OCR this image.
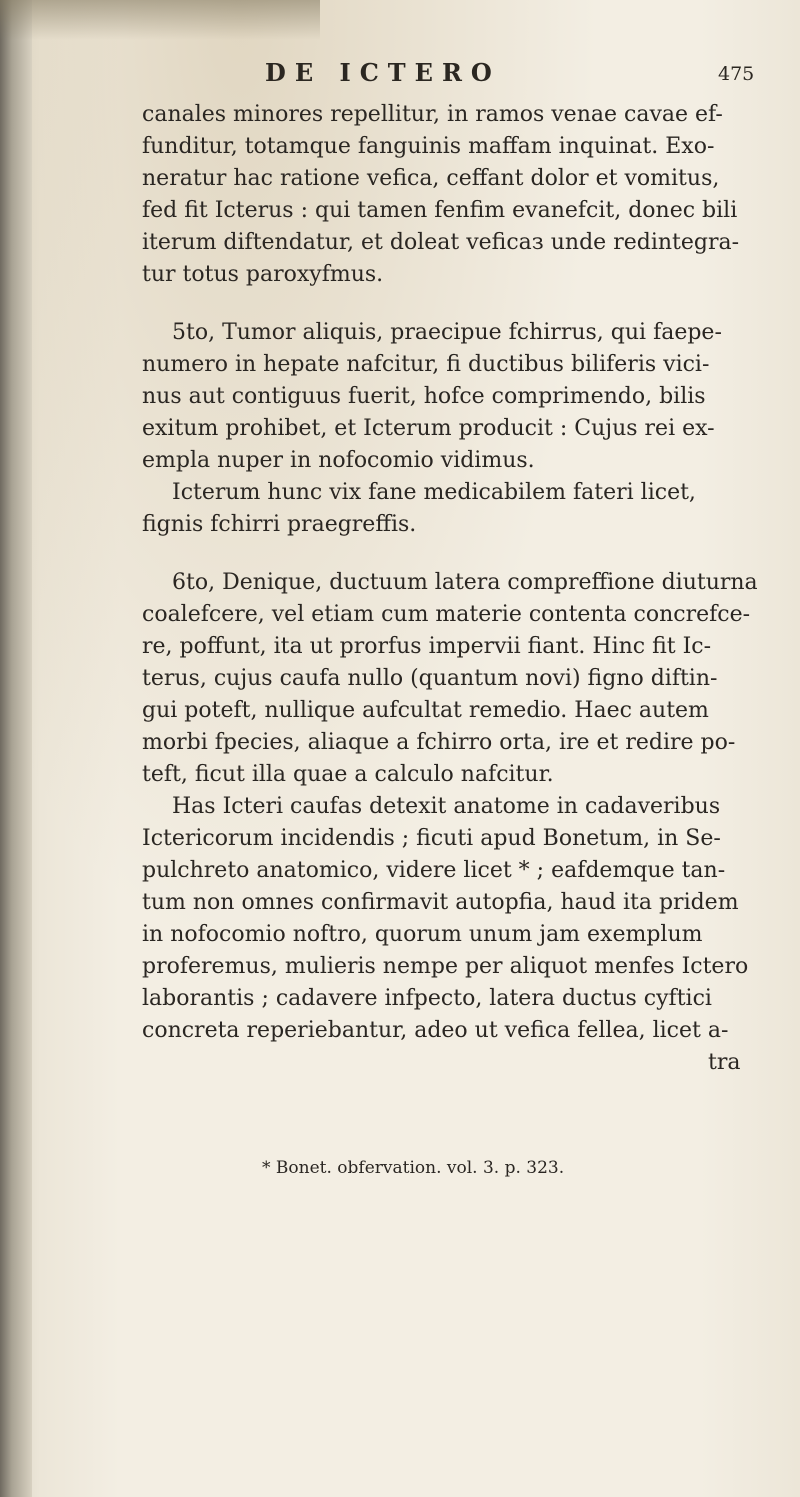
DE ICTERO	475
canales minores repellitur, in ramos venae cavae ef-
funditur, totamque fanguinis maffam inquinat. Exo-
neratur hac ratione vefica, ceffant dolor et vomitus,
fed fit Icterus : qui tamen fenfim evanefcit, donec bili
iterum diftendatur, et doleat veficaз unde redintegra-
tur totus paroxyfmus.
5to, Tumor aliquis, praecipue fchirrus, qui faepe-
numero in hepate nafcitur, fi ductibus biliferis vici-
nus aut contiguus fuerit, hofce comprimendo, bilis
exitum prohibet, et Icterum producit : Cujus rei ex-
empla nuper in nofocomio vidimus.
Icterum hunc vix fane medicabilem fateri licet,
fignis fchirri praegreffis.
6to, Denique, ductuum latera compreffione diuturna
coalefcere, vel etiam cum materie contenta concrefce-
re, poffunt, ita ut prorfus impervii fiant. Hinc fit Ic-
terus, cujus caufa nullo (quantum novi) figno diftin-
gui poteft, nullique aufcultat remedio. Haec autem
morbi fpecies, aliaque a fchirro orta, ire et redire po-
teft, ficut illa quae a calculo nafcitur.
Has Icteri caufas detexit anatome in cadaveribus
Ictericorum incidendis ; ficuti apud Bonetum, in Se-
pulchreto anatomico, videre licet * ; eafdemque tan-
tum non omnes confirmavit autopfia, haud ita pridem
in nofocomio noftro, quorum unum jam exemplum
proferemus, mulieris nempe per aliquot menfes Ictero
laborantis ; cadavere infpecto, latera ductus cyftici
concreta reperiebantur, adeo ut vefica fellea, licet a-
tra
* Bonet. obfervation. vol. 3. p. 323.
